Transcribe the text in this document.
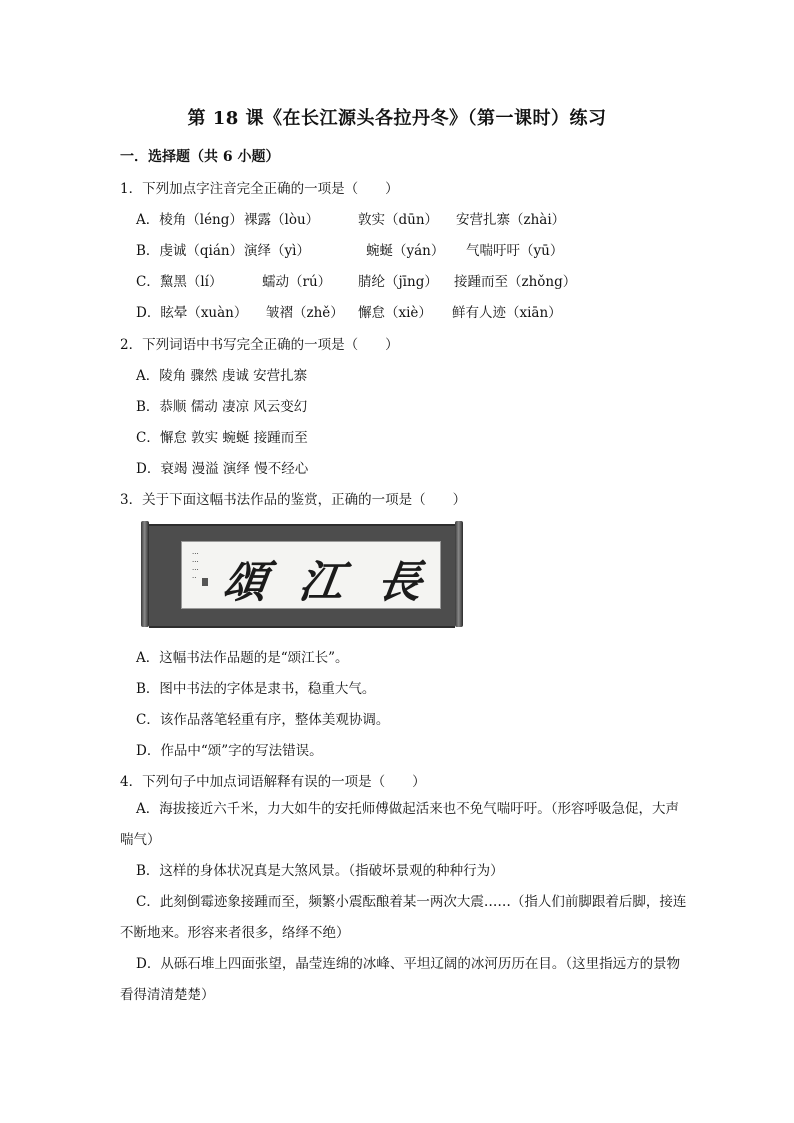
第 18 课《在长江源头各拉丹冬》（第一课时）练习
一．选择题（共 6 小题）
1．下列加点字注音完全正确的一项是（　　）
A．棱角（léng） 裸露（lòu）	敦实（dūn） 安营扎寨（zhài）
B．虔诚（qián） 演绎（yì）	蜿蜒（yán） 气喘吁吁（yū）
C．黧黑（lí）	蠕动（rú） 腈纶（jīng） 接踵而至（zhǒng）
D．眩晕（xuàn） 皱褶（zhě） 懈怠（xiè） 鲜有人迹（xiān）
2．下列词语中书写完全正确的一项是（　　）
A．陵角 骤然 虔诚 安营扎寨
B．恭顺 儒动 凄凉 风云变幻
C．懈怠 敦实 蜿蜒 接踵而至
D．衰竭 漫溢 演绎 慢不经心
3．关于下面这幅书法作品的鉴赏，正确的一项是（　　）
···········	長
江
頌
A．这幅书法作品题的是“颂江长”。
B．图中书法的字体是隶书，稳重大气。
C．该作品落笔轻重有序，整体美观协调。
D．作品中“颂”字的写法错误。
4．下列句子中加点词语解释有误的一项是（　　）
A．海拔接近六千米，力大如牛的安托师傅做起活来也不免气喘吁吁。（形容呼吸急促，大声喘气）
B．这样的身体状况真是大煞风景。（指破坏景观的种种行为）
C．此刻倒霉迹象接踵而至，频繁小震酝酿着某一两次大震……（指人们前脚跟着后脚，接连不断地来。形容来者很多，络绎不绝）
D．从砾石堆上四面张望，晶莹连绵的冰峰、平坦辽阔的冰河历历在目。（这里指远方的景物看得清清楚楚）
